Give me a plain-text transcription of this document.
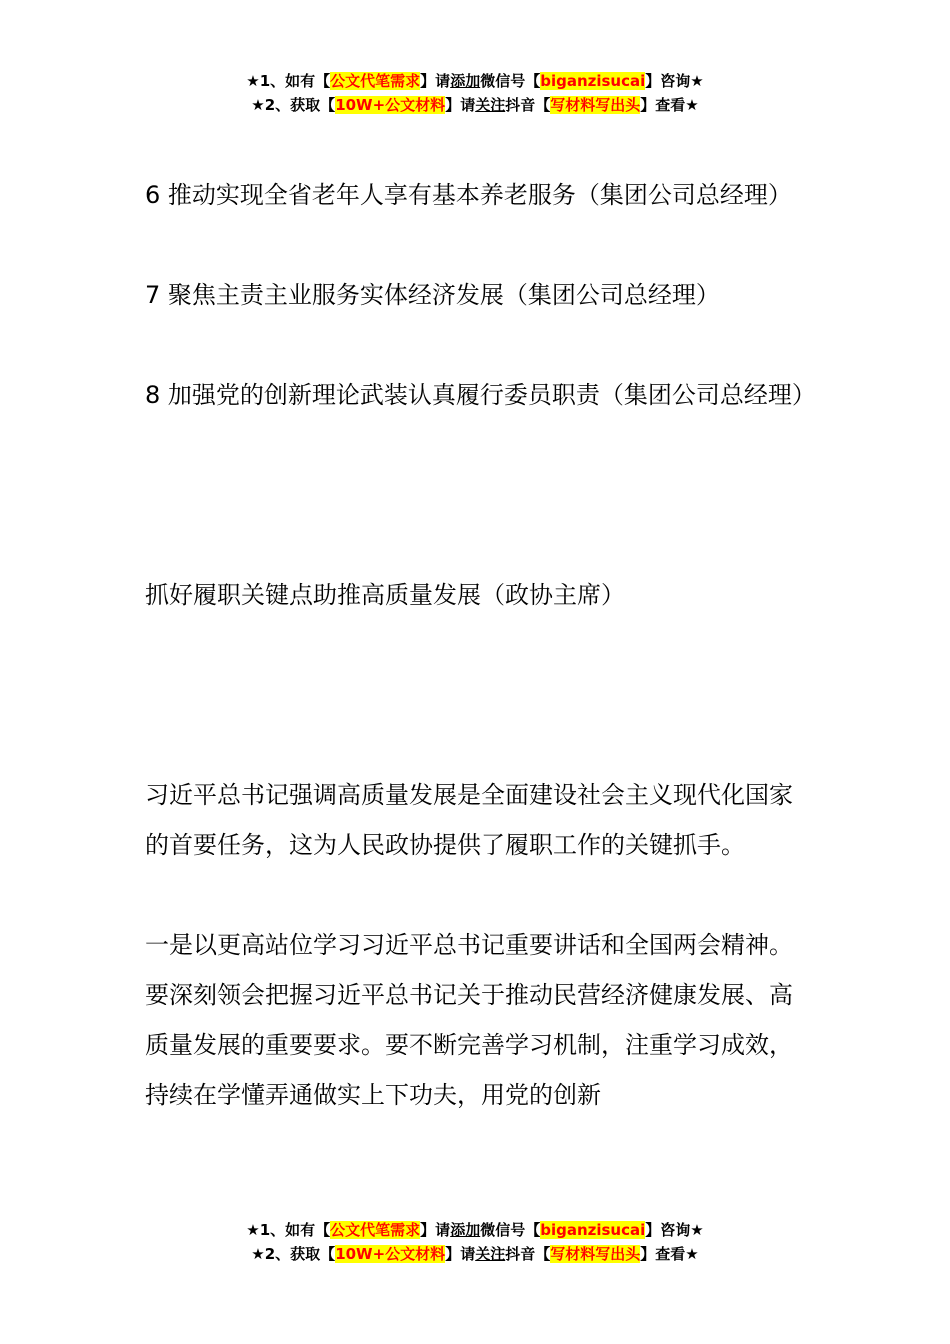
★1、如有【公文代笔需求】请添加微信号【biganzisucai】咨询★
★2、获取【10W+公文材料】请关注抖音【写材料写出头】查看★

6 推动实现全省老年人享有基本养老服务（集团公司总经理）

7 聚焦主责主业服务实体经济发展（集团公司总经理）

8 加强党的创新理论武装认真履行委员职责（集团公司总经理）

抓好履职关键点助推高质量发展（政协主席）

习近平总书记强调高质量发展是全面建设社会主义现代化国家的首要任务，这为人民政协提供了履职工作的关键抓手。

一是以更高站位学习习近平总书记重要讲话和全国两会精神。要深刻领会把握习近平总书记关于推动民营经济健康发展、高质量发展的重要要求。要不断完善学习机制，注重学习成效，持续在学懂弄通做实上下功夫，用党的创新

★1、如有【公文代笔需求】请添加微信号【biganzisucai】咨询★
★2、获取【10W+公文材料】请关注抖音【写材料写出头】查看★
